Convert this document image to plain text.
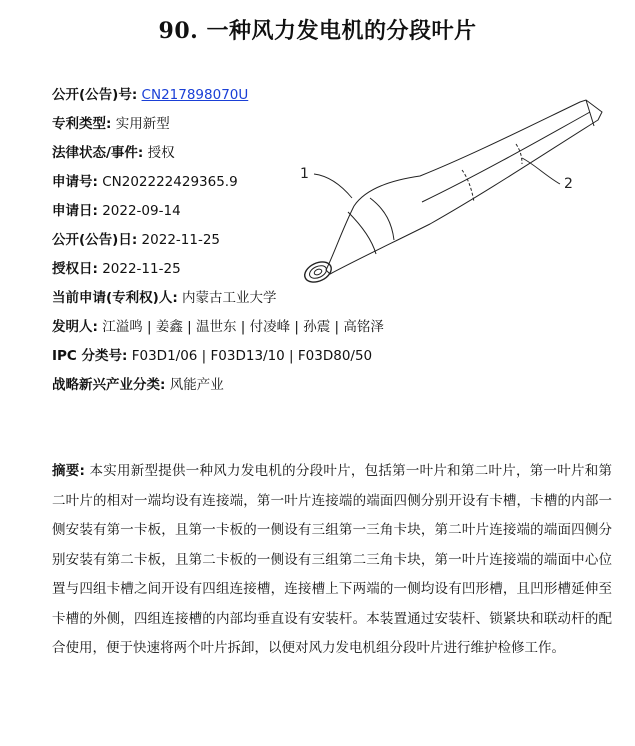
90. 一种风力发电机的分段叶片
公开(公告)号: CN217898070U
专利类型: 实用新型
法律状态/事件: 授权
申请号: CN202222429365.9
申请日: 2022-09-14
公开(公告)日: 2022-11-25
授权日: 2022-11-25
当前申请(专利权)人: 内蒙古工业大学
发明人: 江溢鸣 | 姜鑫 | 温世东 | 付凌峰 | 孙震 | 高铭泽
IPC 分类号: F03D1/06 | F03D13/10 | F03D80/50
战略新兴产业分类: 风能产业
1
2
摘要: 本实用新型提供一种风力发电机的分段叶片，包括第一叶片和第二叶片，第一叶片和第二叶片的相对一端均设有连接端，第一叶片连接端的端面四侧分别开设有卡槽，卡槽的内部一侧安装有第一卡板，且第一卡板的一侧设有三组第一三角卡块，第二叶片连接端的端面四侧分别安装有第二卡板，且第二卡板的一侧设有三组第二三角卡块，第一叶片连接端的端面中心位置与四组卡槽之间开设有四组连接槽，连接槽上下两端的一侧均设有凹形槽，且凹形槽延伸至卡槽的外侧，四组连接槽的内部均垂直设有安装杆。本装置通过安装杆、锁紧块和联动杆的配合使用，便于快速将两个叶片拆卸，以便对风力发电机组分段叶片进行维护检修工作。
